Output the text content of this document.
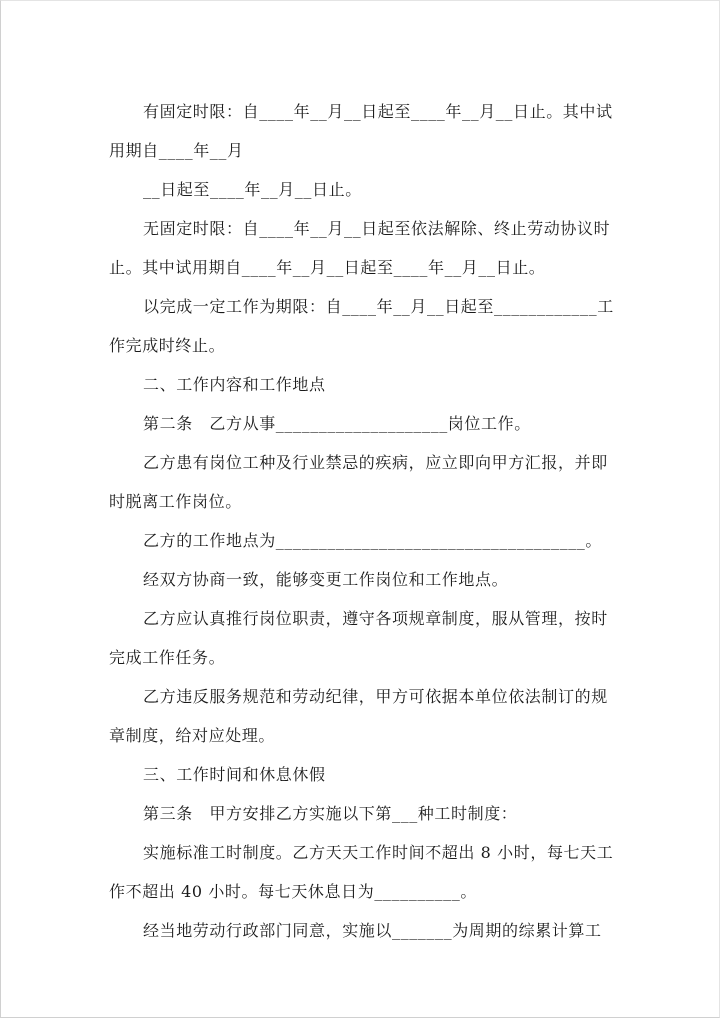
有固定时限：自____年__月__日起至____年__月__日止。其中试
用期自____年__月

__日起至____年__月__日止。

无固定时限：自____年__月__日起至依法解除、终止劳动协议时
止。其中试用期自____年__月__日起至____年__月__日止。

以完成一定工作为期限：自____年__月__日起至____________工
作完成时终止。

二、工作内容和工作地点

第二条　乙方从事____________________岗位工作。

乙方患有岗位工种及行业禁忌的疾病，应立即向甲方汇报，并即
时脱离工作岗位。

乙方的工作地点为____________________________________。

经双方协商一致，能够变更工作岗位和工作地点。

乙方应认真推行岗位职责，遵守各项规章制度，服从管理，按时
完成工作任务。

乙方违反服务规范和劳动纪律，甲方可依据本单位依法制订的规
章制度，给对应处理。

三、工作时间和休息休假

第三条　甲方安排乙方实施以下第___种工时制度：

实施标准工时制度。乙方天天工作时间不超出 8 小时，每七天工
作不超出 40 小时。每七天休息日为__________。

经当地劳动行政部门同意，实施以_______为周期的综累计算工
